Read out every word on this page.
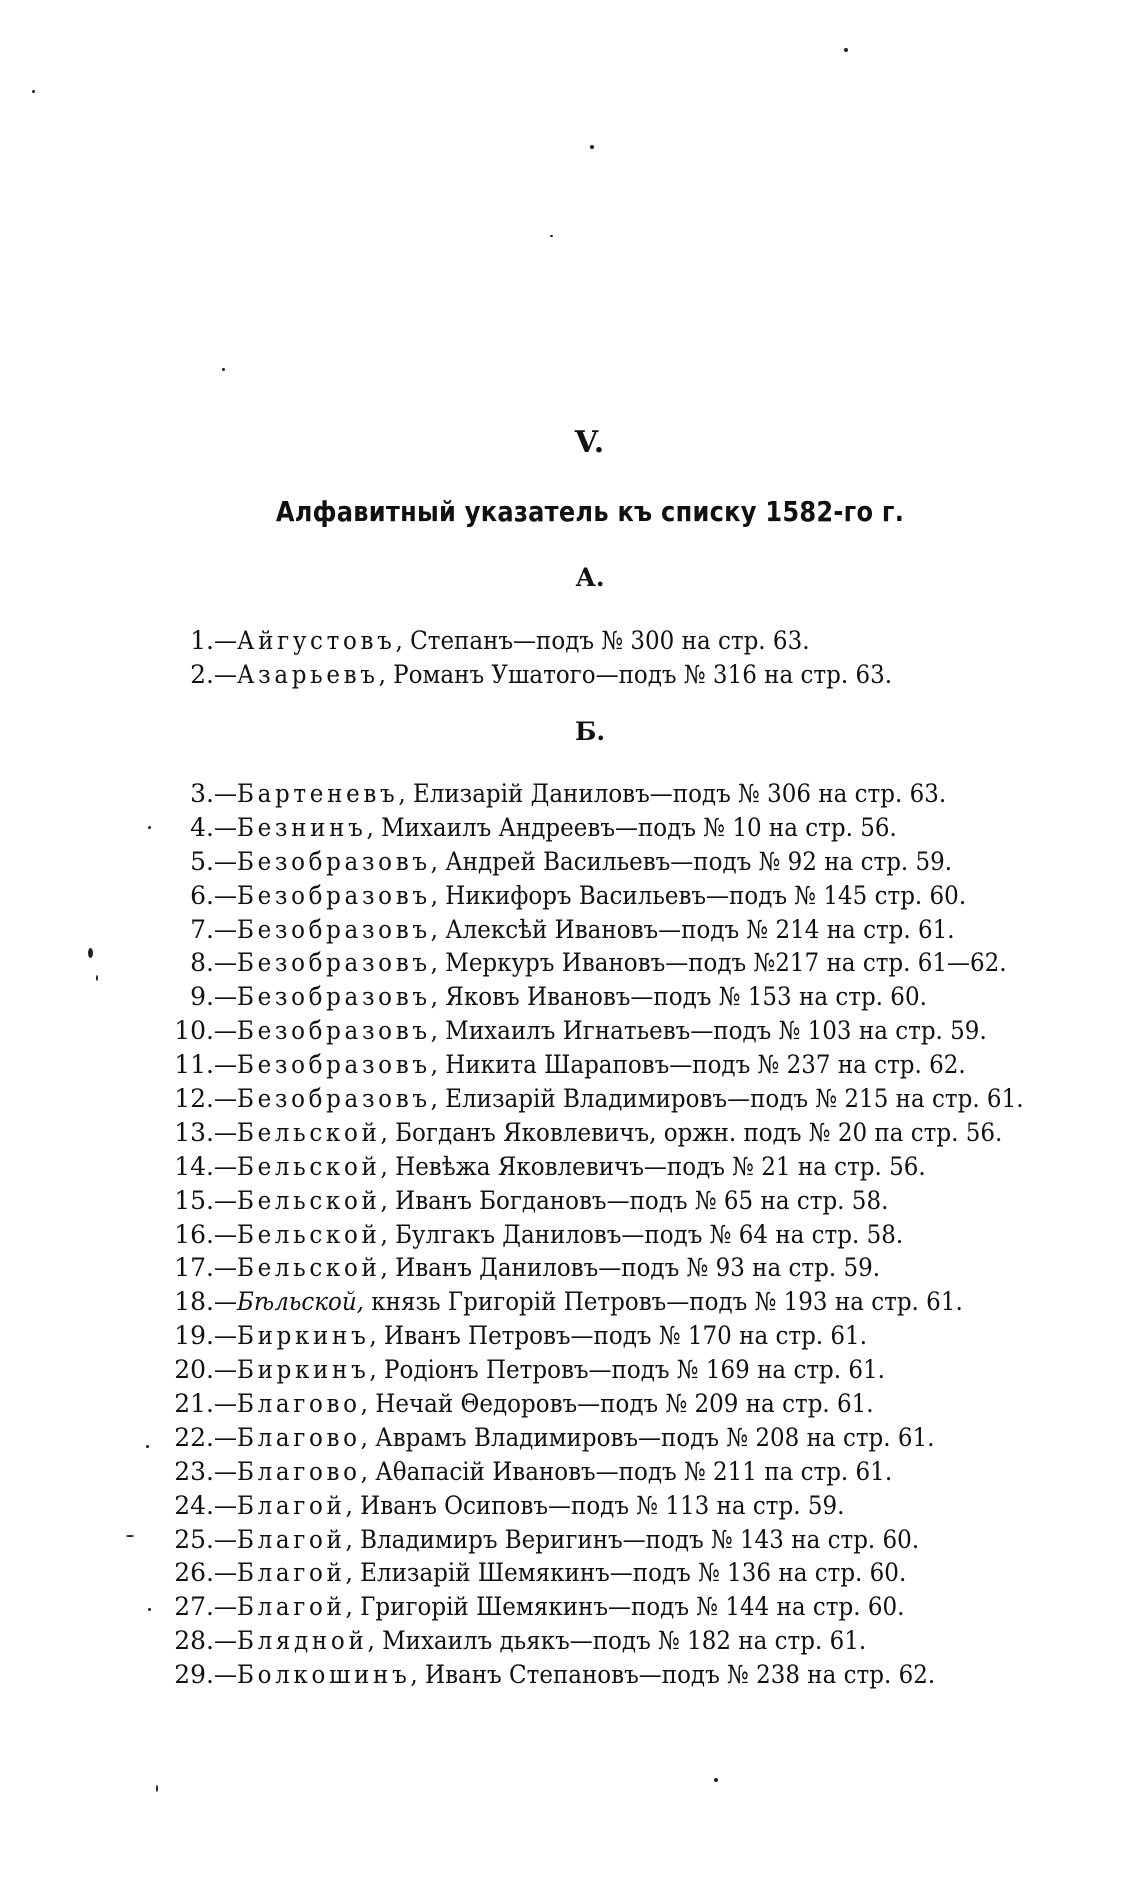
V.
Алфавитный указатель къ списку 1582-го г.
А.
1. —Айгустовъ, Степанъ—подъ № 300 на стр. 63.
2. —Азарьевъ, Романъ Ушатого—подъ № 316 на стр. 63.
Б.
3. —Бартеневъ, Елизарій Даниловъ—подъ № 306 на стр. 63.
4. —Безнинъ, Михаилъ Андреевъ—подъ № 10 на стр. 56.
5. —Безобразовъ, Андрей Васильевъ—подъ № 92 на стр. 59.
6. —Безобразовъ, Никифоръ Васильевъ—подъ № 145 стр. 60.
7. —Безобразовъ, Алексѣй Ивановъ—подъ № 214 на стр. 61.
8. —Безобразовъ, Меркуръ Ивановъ—подъ №217 на стр. 61—62.
9. —Безобразовъ, Яковъ Ивановъ—подъ № 153 на стр. 60.
10. —Безобразовъ, Михаилъ Игнатьевъ—подъ № 103 на стр. 59.
11. —Безобразовъ, Никита Шараповъ—подъ № 237 на стр. 62.
12. —Безобразовъ, Елизарій Владимировъ—подъ № 215 на стр. 61.
13. —Бельской, Богданъ Яковлевичъ, оржн. подъ № 20 па стр. 56.
14. —Бельской, Невѣжа Яковлевичъ—подъ № 21 на стр. 56.
15. —Бельской, Иванъ Богдановъ—подъ № 65 на стр. 58.
16. —Бельской, Булгакъ Даниловъ—подъ № 64 на стр. 58.
17. —Бельской, Иванъ Даниловъ—подъ № 93 на стр. 59.
18. —Бѣльской, князь Григорій Петровъ—подъ № 193 на стр. 61.
19. —Биркинъ, Иванъ Петровъ—подъ № 170 на стр. 61.
20. —Биркинъ, Родіонъ Петровъ—подъ № 169 на стр. 61.
21. —Благово, Нечай Θедоровъ—подъ № 209 на стр. 61.
22. —Благово, Аврамъ Владимировъ—подъ № 208 на стр. 61.
23. —Благово, Аθапасій Ивановъ—подъ № 211 па стр. 61.
24. —Благой, Иванъ Осиповъ—подъ № 113 на стр. 59.
25. —Благой, Владимиръ Веригинъ—подъ № 143 на стр. 60.
26. —Благой, Елизарій Шемякинъ—подъ № 136 на стр. 60.
27. —Благой, Григорій Шемякинъ—подъ № 144 на стр. 60.
28. —Блядной, Михаилъ дьякъ—подъ № 182 на стр. 61.
29. —Болкошинъ, Иванъ Степановъ—подъ № 238 на стр. 62.
